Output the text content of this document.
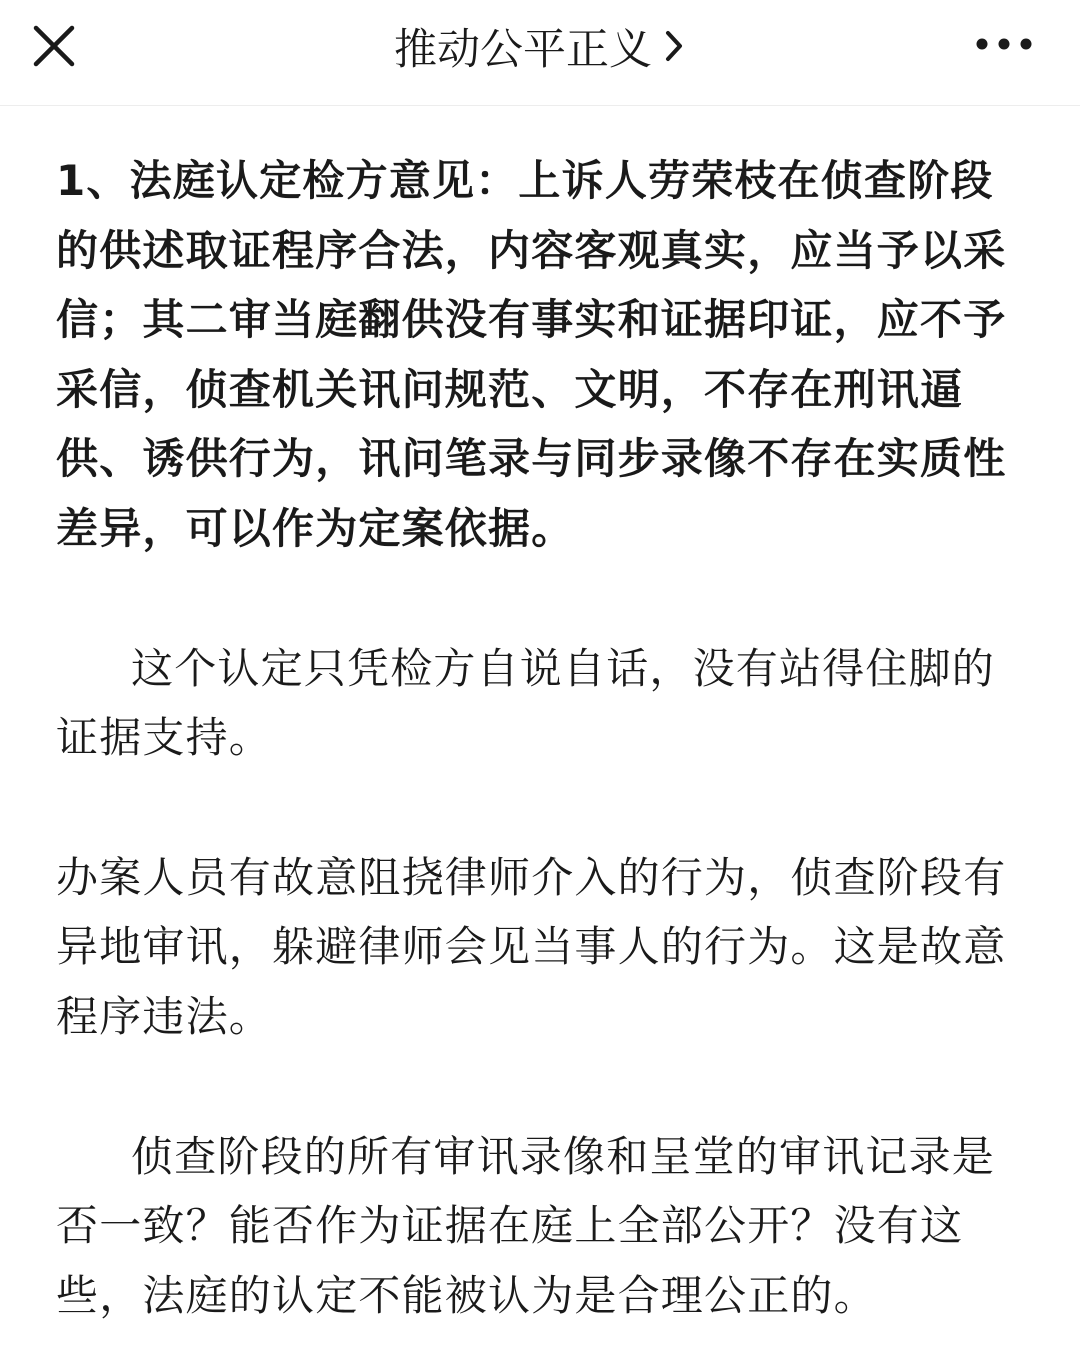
推动公平正义

1、法庭认定检方意见：上诉人劳荣枝在侦查阶段的供述取证程序合法，内容客观真实，应当予以采信；其二审当庭翻供没有事实和证据印证，应不予采信，侦查机关讯问规范、文明，不存在刑讯逼供、诱供行为，讯问笔录与同步录像不存在实质性差异，可以作为定案依据。

这个认定只凭检方自说自话，没有站得住脚的证据支持。

办案人员有故意阻挠律师介入的行为，侦查阶段有异地审讯，躲避律师会见当事人的行为。这是故意程序违法。

侦查阶段的所有审讯录像和呈堂的审讯记录是否一致？能否作为证据在庭上全部公开？没有这些，法庭的认定不能被认为是合理公正的。
